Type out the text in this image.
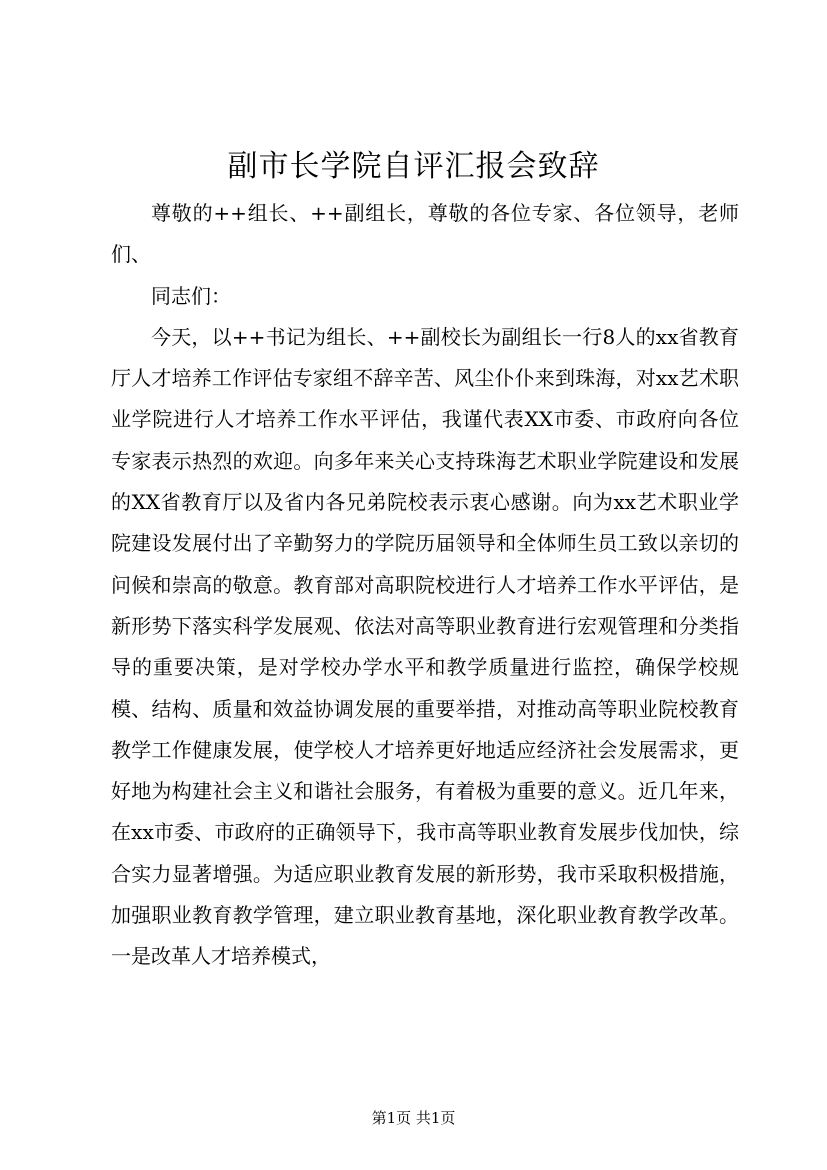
副市长学院自评汇报会致辞

尊敬的++组长、++副组长，尊敬的各位专家、各位领导，老师们、

同志们：

今天，以++书记为组长、++副校长为副组长一行8人的xx省教育厅人才培养工作评估专家组不辞辛苦、风尘仆仆来到珠海，对xx艺术职业学院进行人才培养工作水平评估，我谨代表XX市委、市政府向各位专家表示热烈的欢迎。向多年来关心支持珠海艺术职业学院建设和发展的XX省教育厅以及省内各兄弟院校表示衷心感谢。向为xx艺术职业学院建设发展付出了辛勤努力的学院历届领导和全体师生员工致以亲切的问候和崇高的敬意。教育部对高职院校进行人才培养工作水平评估，是新形势下落实科学发展观、依法对高等职业教育进行宏观管理和分类指导的重要决策，是对学校办学水平和教学质量进行监控，确保学校规模、结构、质量和效益协调发展的重要举措，对推动高等职业院校教育教学工作健康发展，使学校人才培养更好地适应经济社会发展需求，更好地为构建社会主义和谐社会服务，有着极为重要的意义。近几年来，在xx市委、市政府的正确领导下，我市高等职业教育发展步伐加快，综合实力显著增强。为适应职业教育发展的新形势，我市采取积极措施，加强职业教育教学管理，建立职业教育基地，深化职业教育教学改革。一是改革人才培养模式，

第1页 共1页
